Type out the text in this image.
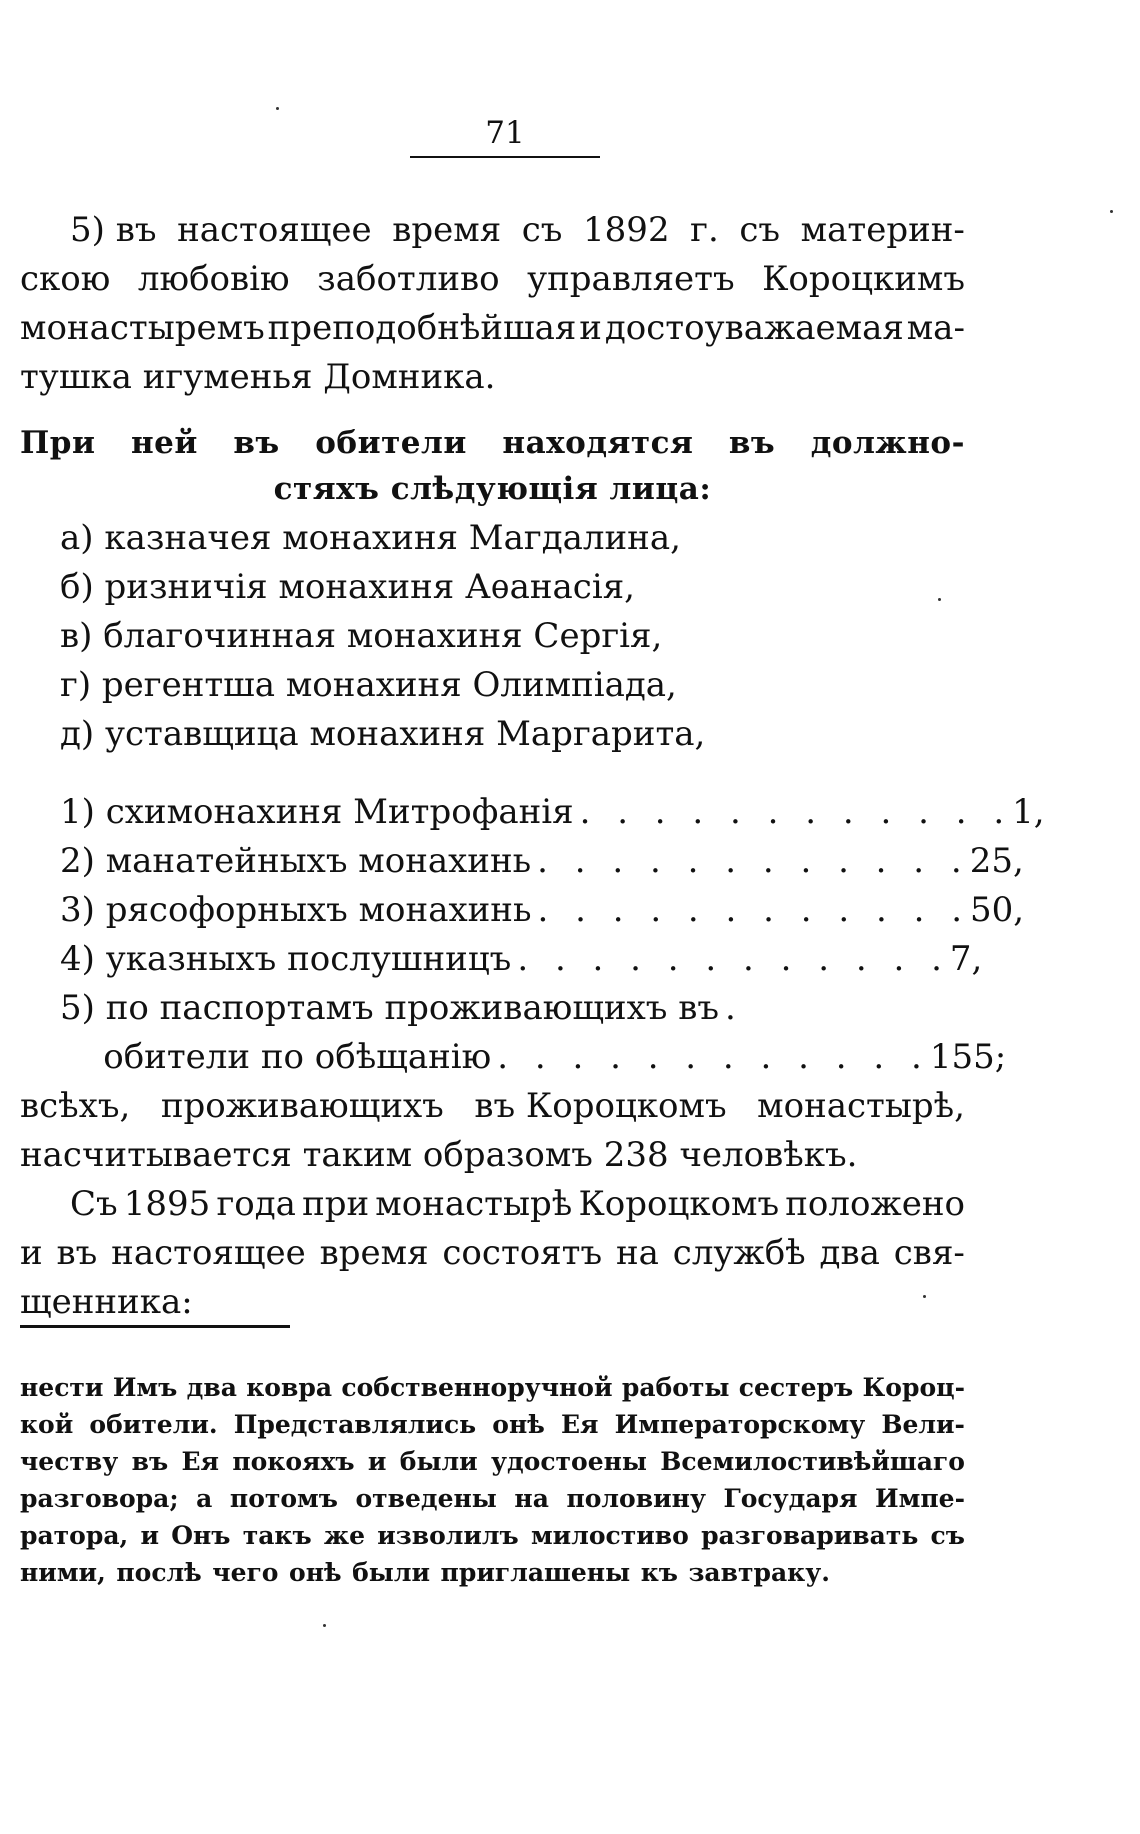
71
5) въ настоящее время съ 1892 г. съ материн-
скою любовію заботливо управляетъ Короцкимъ
монастыремъ преподобнѣйшая и достоуважаемая ма-
тушка игуменья Домника.
При ней въ обители находятся въ должно-
стяхъ слѣдующія лица:
а) казначея монахиня Магдалина,
б) ризничія монахиня Аѳанасія,
в) благочинная монахиня Сергія,
г) регентша монахиня Олимпіада,
д) уставщица монахиня Маргарита,
1) схимонахиня Митрофанія . . . . . . . . . . . . 1,
2) манатейныхъ монахинь . . . . . . . . . . . . 25,
3) рясофорныхъ монахинь . . . . . . . . . . . . 50,
4) указныхъ послушницъ . . . . . . . . . . . . 7,
5) по паспортамъ проживающихъ въ .
обители по обѣщанію . . . . . . . . . . . . 155;
всѣхъ, проживающихъ въ Короцкомъ монастырѣ,
насчитывается таким образомъ 238 человѣкъ.
Съ 1895 года при монастырѣ Короцкомъ положено
и въ настоящее время состоятъ на службѣ два свя-
щенника:
нести Имъ два ковра собственноручной работы сестеръ Короц-
кой обители. Представлялись онѣ Ея Императорскому Вели-
честву въ Ея покояхъ и были удостоены Всемилостивѣйшаго
разговора; а потомъ отведены на половину Государя Импе-
ратора, и Онъ такъ же изволилъ милостиво разговаривать съ
ними, послѣ чего онѣ были приглашены къ завтраку.
